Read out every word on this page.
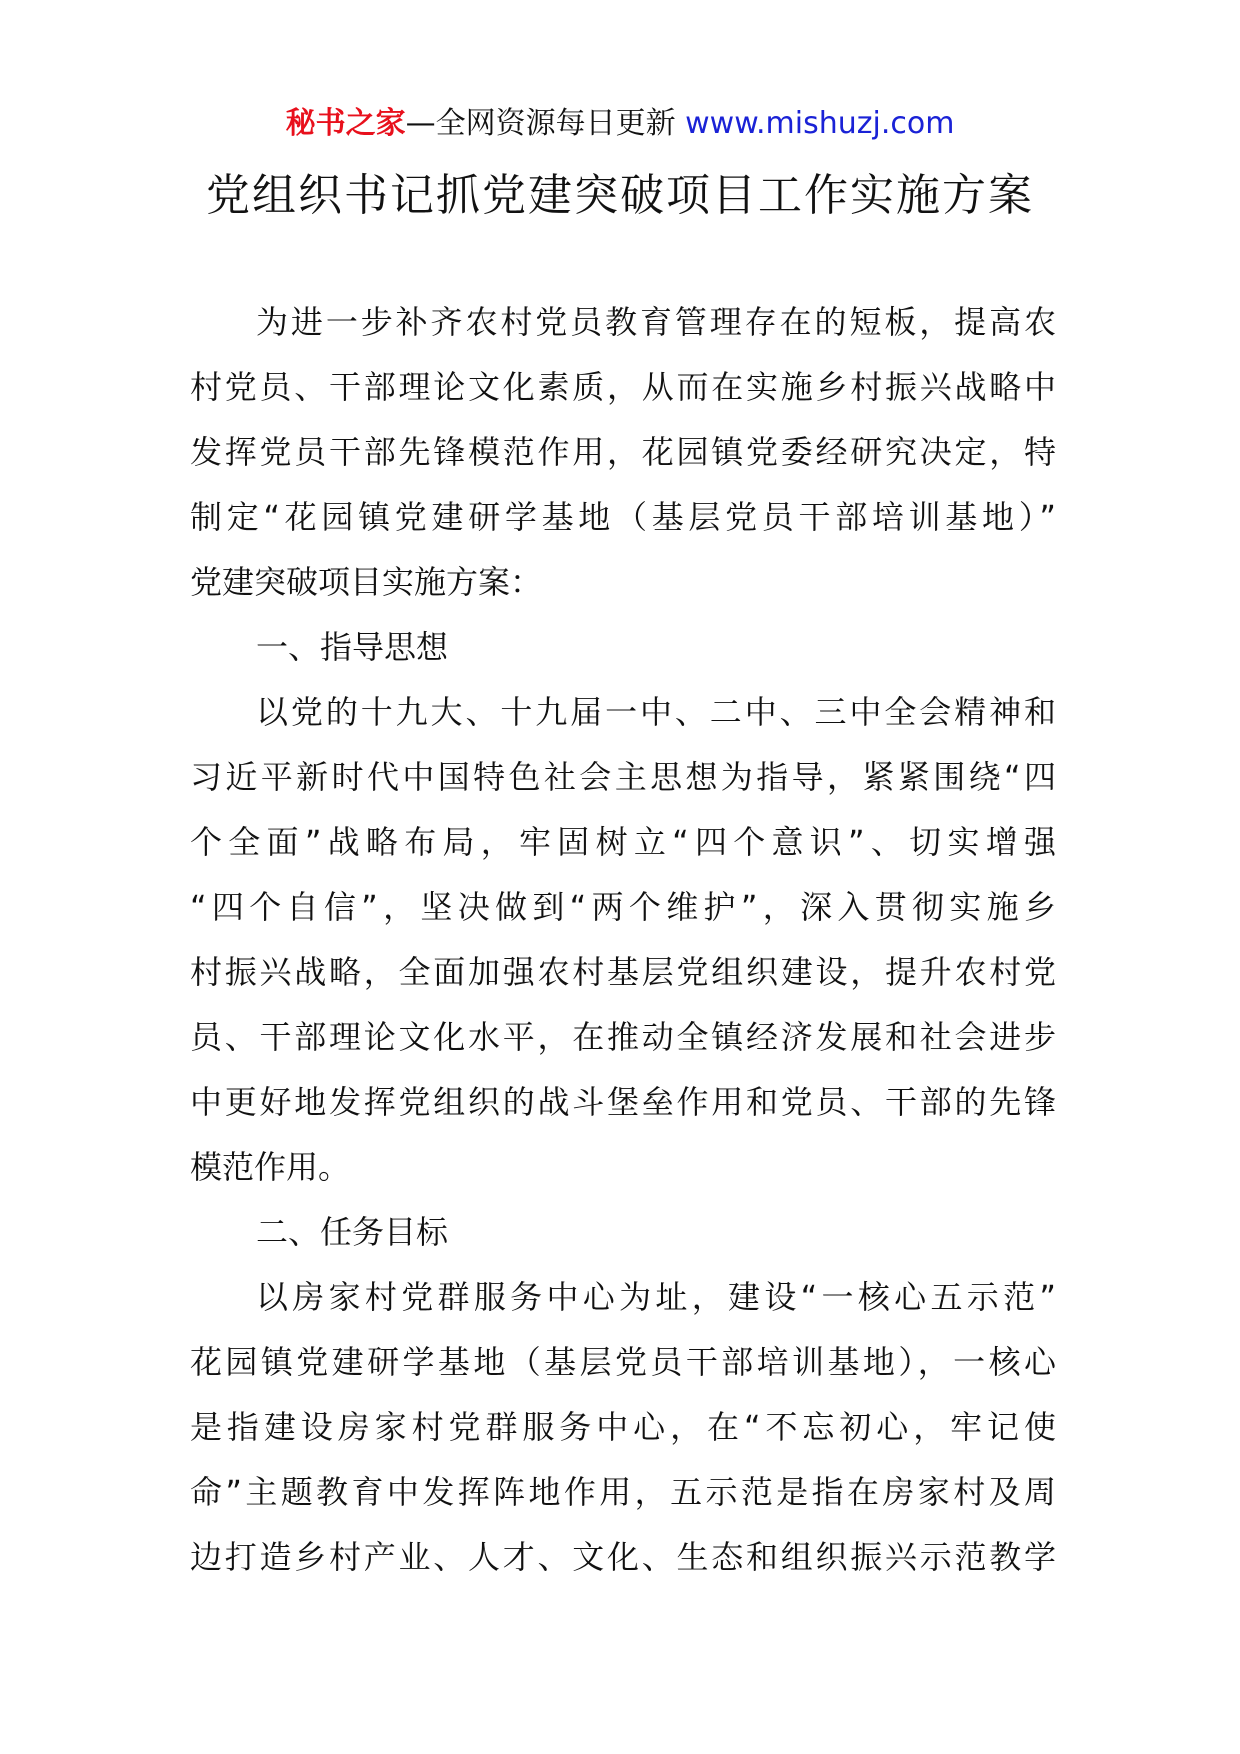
秘书之家—全网资源每日更新 www.mishuzj.com
党组织书记抓党建突破项目工作实施方案
为进一步补齐农村党员教育管理存在的短板，提高农
村党员、干部理论文化素质，从而在实施乡村振兴战略中
发挥党员干部先锋模范作用，花园镇党委经研究决定，特
制定“花园镇党建研学基地（基层党员干部培训基地）”
党建突破项目实施方案：
一、指导思想
以党的十九大、十九届一中、二中、三中全会精神和
习近平新时代中国特色社会主思想为指导，紧紧围绕“四
个全面”战略布局，牢固树立“四个意识”、切实增强
“四个自信”，坚决做到“两个维护”，深入贯彻实施乡
村振兴战略，全面加强农村基层党组织建设，提升农村党
员、干部理论文化水平，在推动全镇经济发展和社会进步
中更好地发挥党组织的战斗堡垒作用和党员、干部的先锋
模范作用。
二、任务目标
以房家村党群服务中心为址，建设“一核心五示范”
花园镇党建研学基地（基层党员干部培训基地），一核心
是指建设房家村党群服务中心，在“不忘初心，牢记使
命”主题教育中发挥阵地作用，五示范是指在房家村及周
边打造乡村产业、人才、文化、生态和组织振兴示范教学
